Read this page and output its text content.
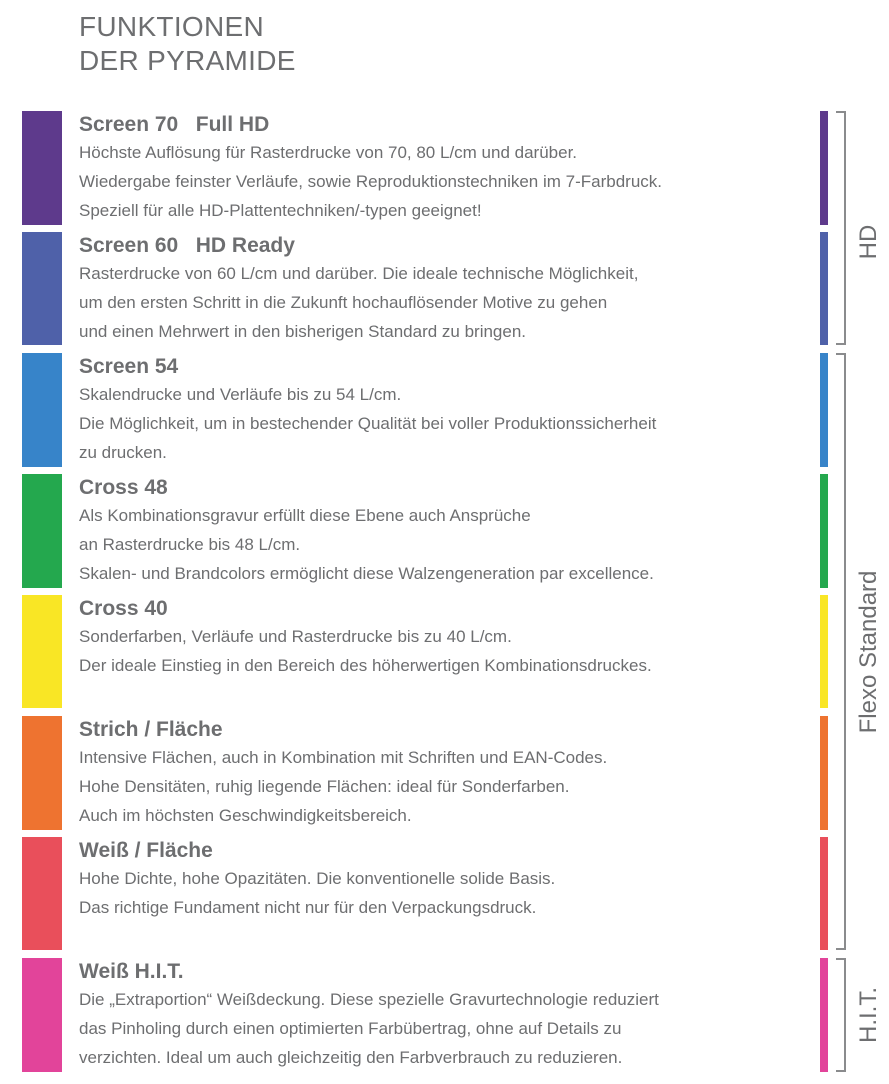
FUNKTIONEN
DER PYRAMIDE
Screen 70   Full HD
Höchste Auflösung für Rasterdrucke von 70, 80 L/cm und darüber.
Wiedergabe feinster Verläufe, sowie Reproduktionstechniken im 7-Farbdruck.
Speziell für alle HD-Plattentechniken/-typen geeignet!
Screen 60   HD Ready
Rasterdrucke von 60 L/cm und darüber. Die ideale technische Möglichkeit,
um den ersten Schritt in die Zukunft hochauflösender Motive zu gehen
und einen Mehrwert in den bisherigen Standard zu bringen.
Screen 54
Skalendrucke und Verläufe bis zu 54 L/cm.
Die Möglichkeit, um in bestechender Qualität bei voller Produktionssicherheit
zu drucken.
Cross 48
Als Kombinationsgravur erfüllt diese Ebene auch Ansprüche
an Rasterdrucke bis 48 L/cm.
Skalen- und Brandcolors ermöglicht diese Walzengeneration par excellence.
Cross 40
Sonderfarben, Verläufe und Rasterdrucke bis zu 40 L/cm.
Der ideale Einstieg in den Bereich des höherwertigen Kombinationsdruckes.
Strich / Fläche
Intensive Flächen, auch in Kombination mit Schriften und EAN-Codes.
Hohe Densitäten, ruhig liegende Flächen: ideal für Sonderfarben.
Auch im höchsten Geschwindigkeitsbereich.
Weiß / Fläche
Hohe Dichte, hohe Opazitäten. Die konventionelle solide Basis.
Das richtige Fundament nicht nur für den Verpackungsdruck.
Weiß H.I.T.
Die „Extraportion“ Weißdeckung. Diese spezielle Gravurtechnologie reduziert
das Pinholing durch einen optimierten Farbübertrag, ohne auf Details zu
verzichten. Ideal um auch gleichzeitig den Farbverbrauch zu reduzieren.
HD
Flexo Standard
H.I.T.
